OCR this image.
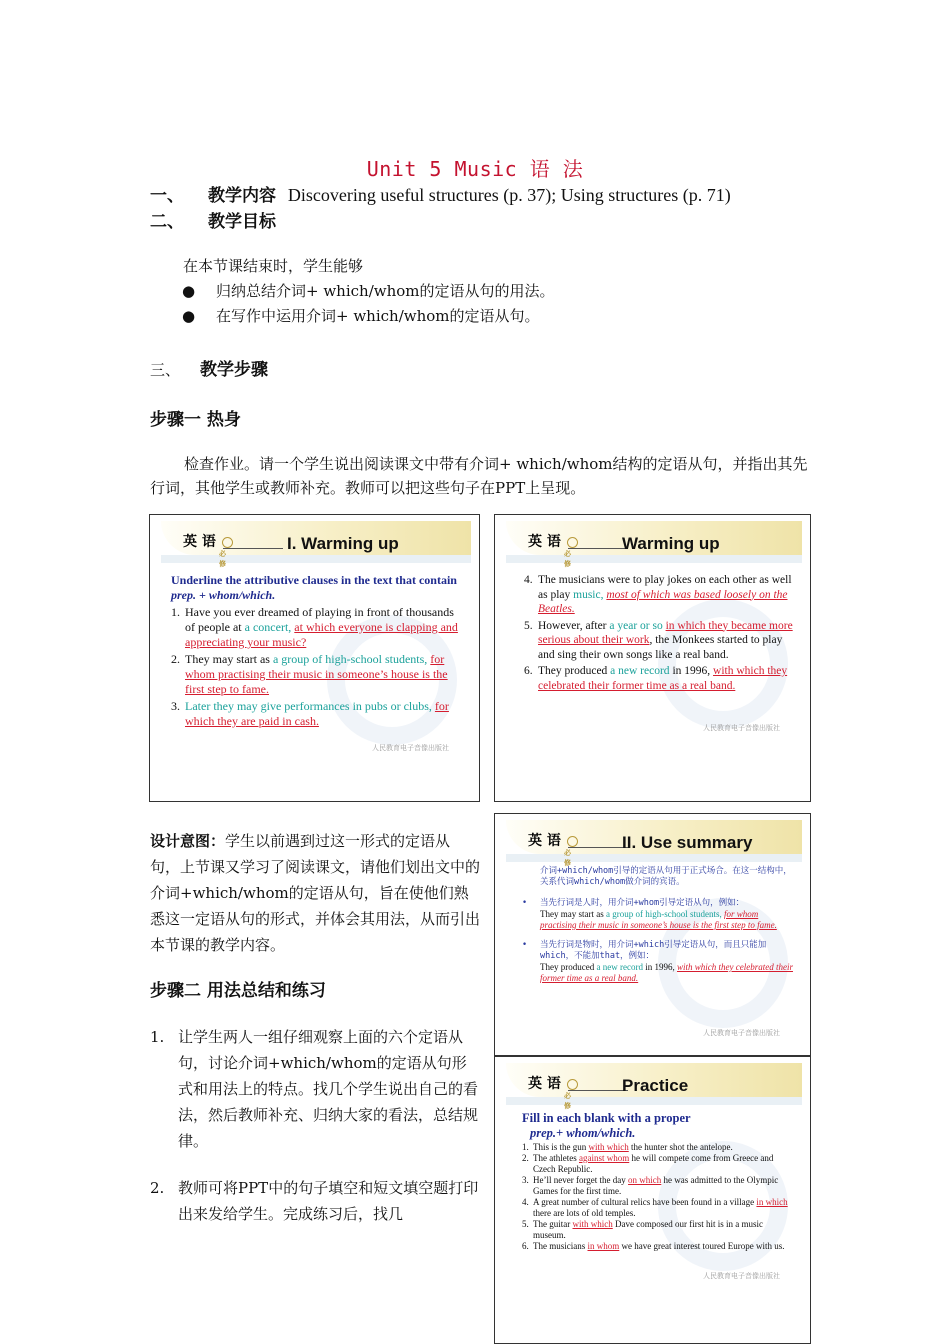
Unit 5 Music 语 法
一、 教学内容 Discovering useful structures (p. 37); Using structures (p. 71)
二、 教学目标
在本节课结束时，学生能够
● 归纳总结介词+ which/whom的定语从句的用法。
● 在写作中运用介词+ which/whom的定语从句。
三、 教学步骤
步骤一 热身
检查作业。请一个学生说出阅读课文中带有介词+ which/whom结构的定语从句，并指出其先行词，其他学生或教师补充。教师可以把这些句子在PPT上呈现。
英 语
必修
I. Warming up
Underline the attributive clauses in the text that contain prep. + whom/which.
1. Have you ever dreamed of playing in front of thousands of people at a concert, at which everyone is clapping and appreciating your music?
2. They may start as a group of high-school students, for whom practising their music in someone’s house is the first step to fame.
3. Later they may give performances in pubs or clubs, for which they are paid in cash.
人民教育电子音像出版社
英 语
必修
Warming up
4. The musicians were to play jokes on each other as well as play music, most of which was based loosely on the Beatles.
5. However, after a year or so in which they became more serious about their work, the Monkees started to play and sing their own songs like a real band.
6. They produced a new record in 1996, with which they celebrated their former time as a real band.
人民教育电子音像出版社
设计意图：学生以前遇到过这一形式的定语从句，上节课又学习了阅读课文，请他们划出文中的介词+which/whom的定语从句，旨在使他们熟悉这一定语从句的形式，并体会其用法，从而引出本节课的教学内容。
步骤二 用法总结和练习
1. 让学生两人一组仔细观察上面的六个定语从句，讨论介词+which/whom的定语从句形式和用法上的特点。找几个学生说出自己的看法，然后教师补充、归纳大家的看法，总结规律。
2. 教师可将PPT中的句子填空和短文填空题打印出来发给学生。完成练习后，找几
英 语
必修
II. Use summary
介词+which/whom引导的定语从句用于正式场合。在这一结构中，关系代词which/whom做介词的宾语。
•	当先行词是人时，用介词+whom引导定语从句，例如：
They may start as a group of high-school students, for whom practising their music in someone’s house is the first step to fame.
•	当先行词是物时，用介词+which引导定语从句，而且只能加which，不能加that，例如：
They produced a new record in 1996, with which they celebrated their former time as a real band.
人民教育电子音像出版社
英 语
必修
Practice
Fill in each blank with a proper
prep.+ whom/which.
1. This is the gun with which the hunter shot the antelope.
2. The athletes against whom he will compete come from Greece and Czech Republic.
3. He’ll never forget the day on which he was admitted to the Olympic Games for the first time.
4. A great number of cultural relics have been found in a village in which there are lots of old temples.
5. The guitar with which Dave composed our first hit is in a music museum.
6. The musicians in whom we have great interest toured Europe with us.
人民教育电子音像出版社
